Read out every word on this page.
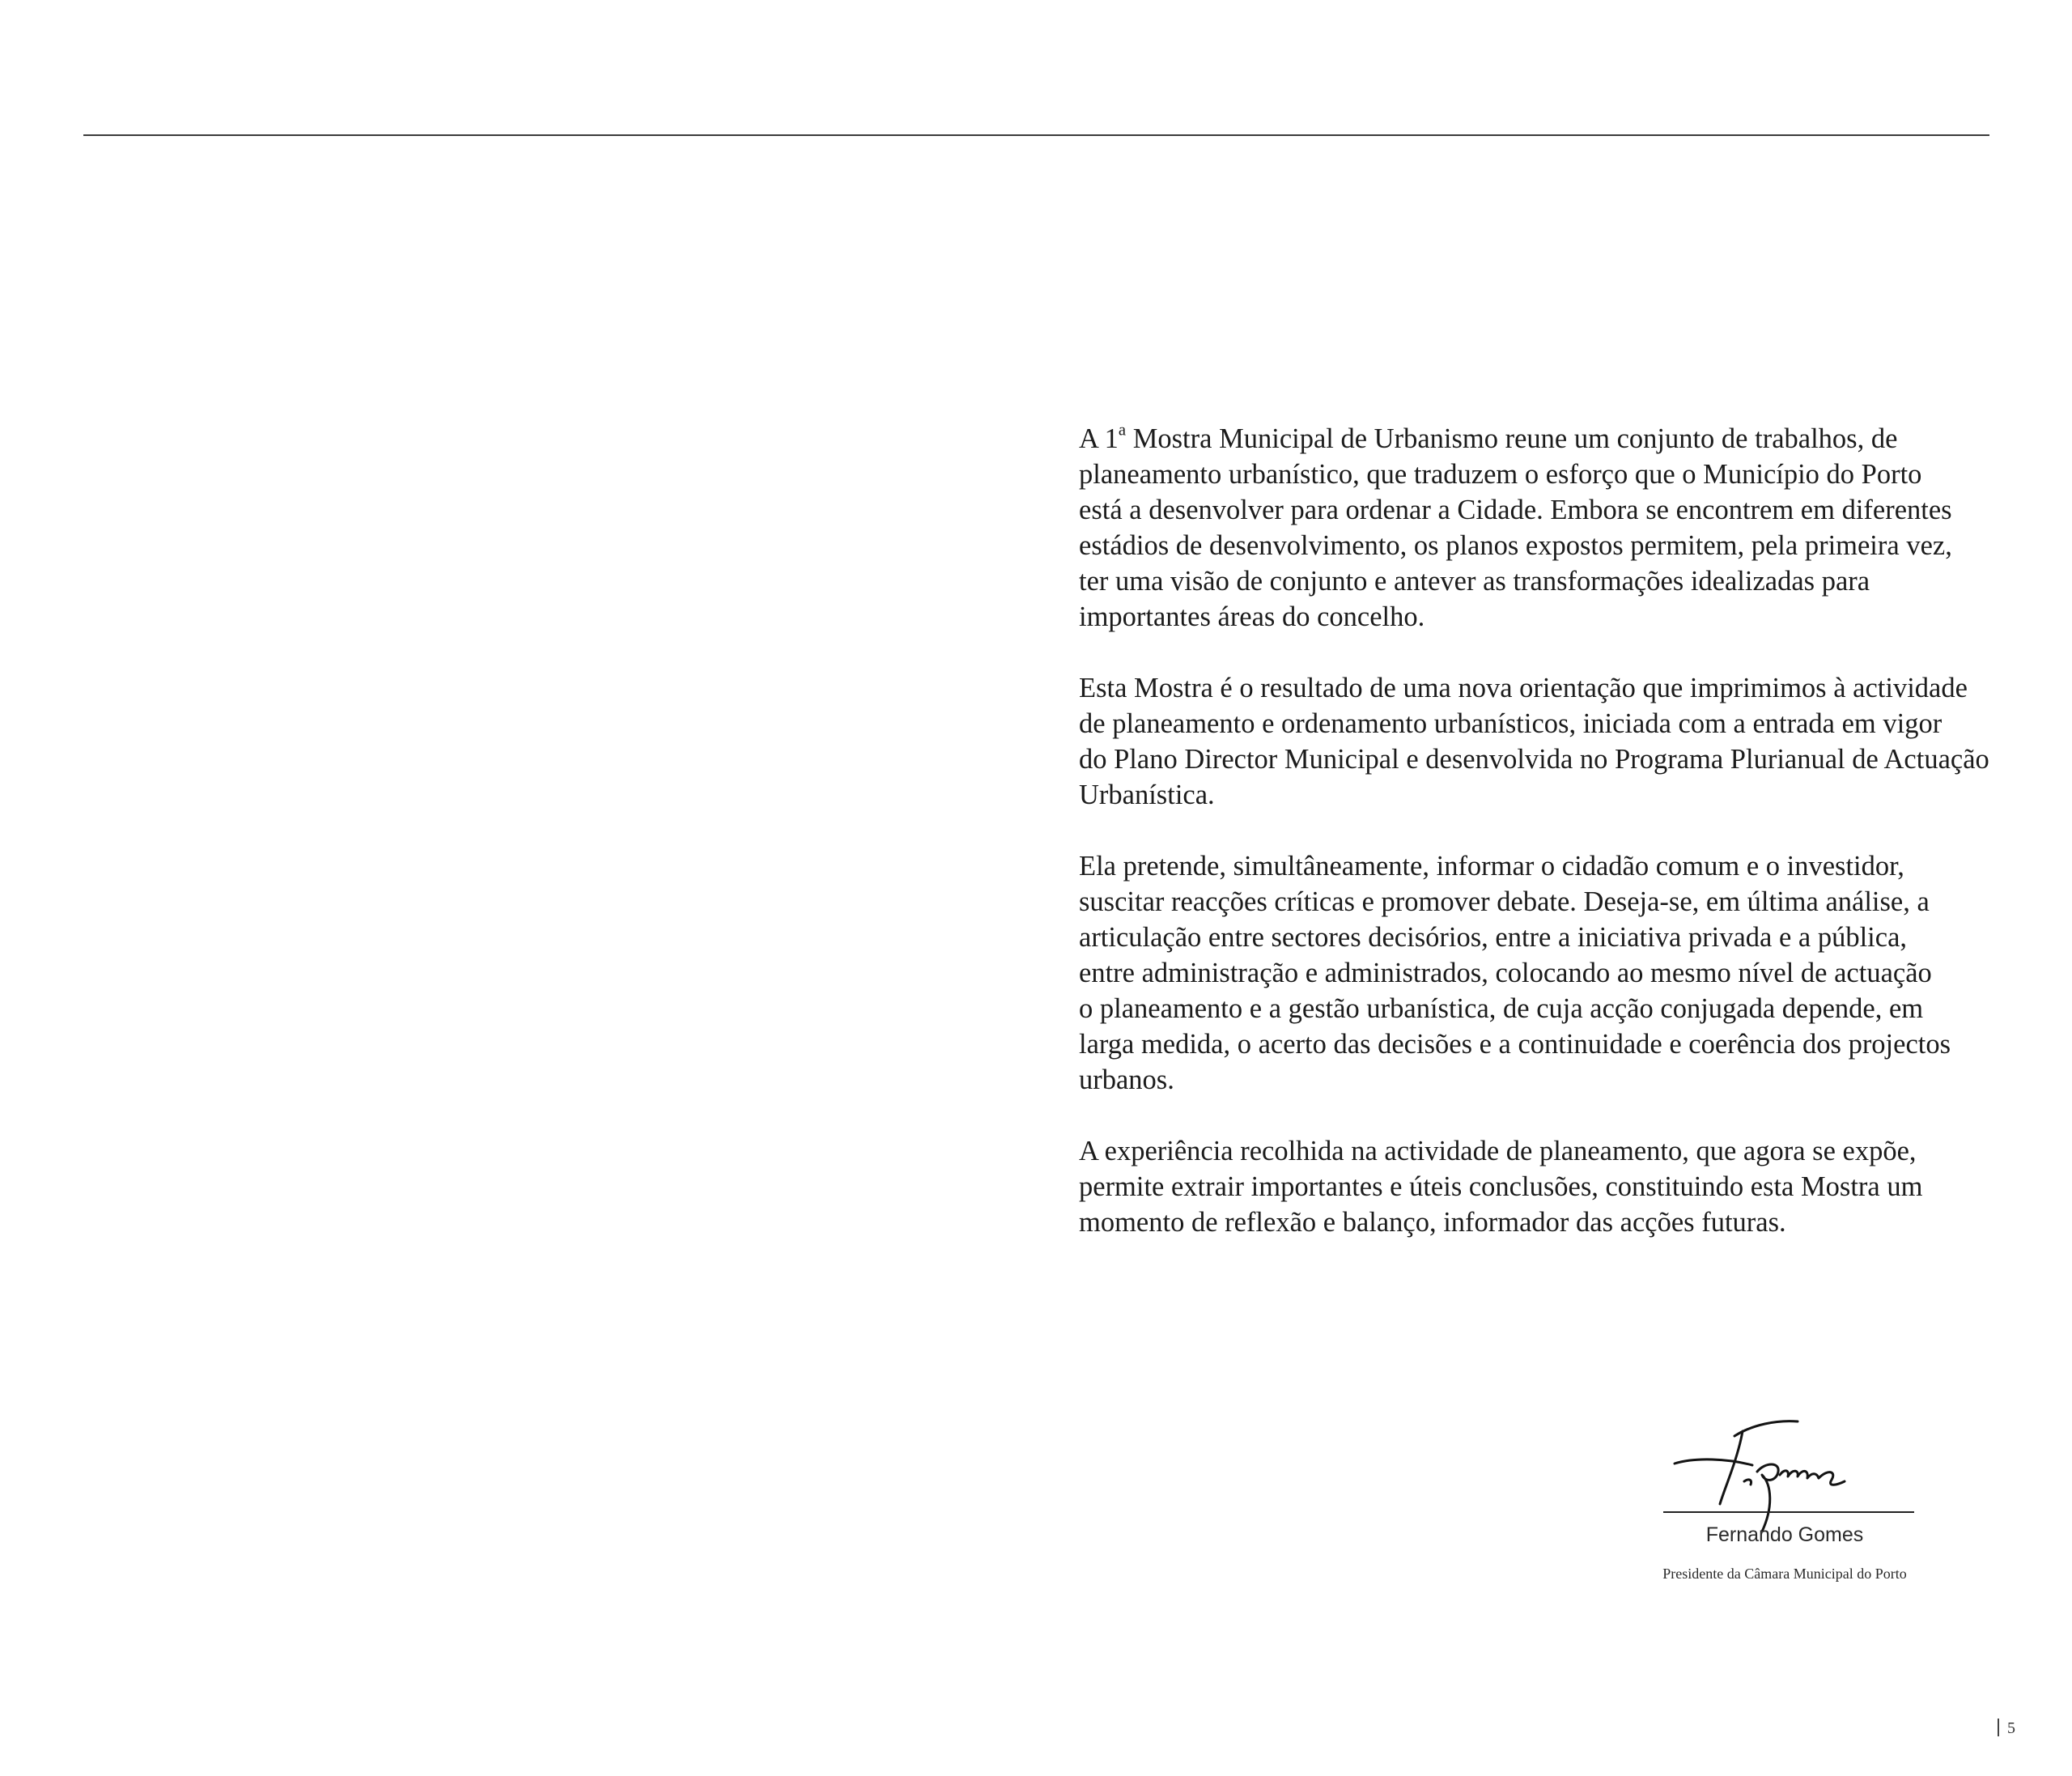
A 1$^a$ Mostra Municipal de Urbanismo reune um conjunto de trabalhos, de
planeamento urbanístico, que traduzem o esforço que o Município do Porto
está a desenvolver para ordenar a Cidade. Embora se encontrem em diferentes
estádios de desenvolvimento, os planos expostos permitem, pela primeira vez,
ter uma visão de conjunto e antever as transformações idealizadas para
importantes áreas do concelho.

Esta Mostra é o resultado de uma nova orientação que imprimimos à actividade
de planeamento e ordenamento urbanísticos, iniciada com a entrada em vigor
do Plano Director Municipal e desenvolvida no Programa Plurianual de Actuação
Urbanística.

Ela pretende, simultâneamente, informar o cidadão comum e o investidor,
suscitar reacções críticas e promover debate. Deseja-se, em última análise, a
articulação entre sectores decisórios, entre a iniciativa privada e a pública,
entre administração e administrados, colocando ao mesmo nível de actuação
o planeamento e a gestão urbanística, de cuja acção conjugada depende, em
larga medida, o acerto das decisões e a continuidade e coerência dos projectos
urbanos.

A experiência recolhida na actividade de planeamento, que agora se expõe,
permite extrair importantes e úteis conclusões, constituindo esta Mostra um
momento de reflexão e balanço, informador das acções futuras.

Fernando Gomes
Presidente da Câmara Municipal do Porto
5
